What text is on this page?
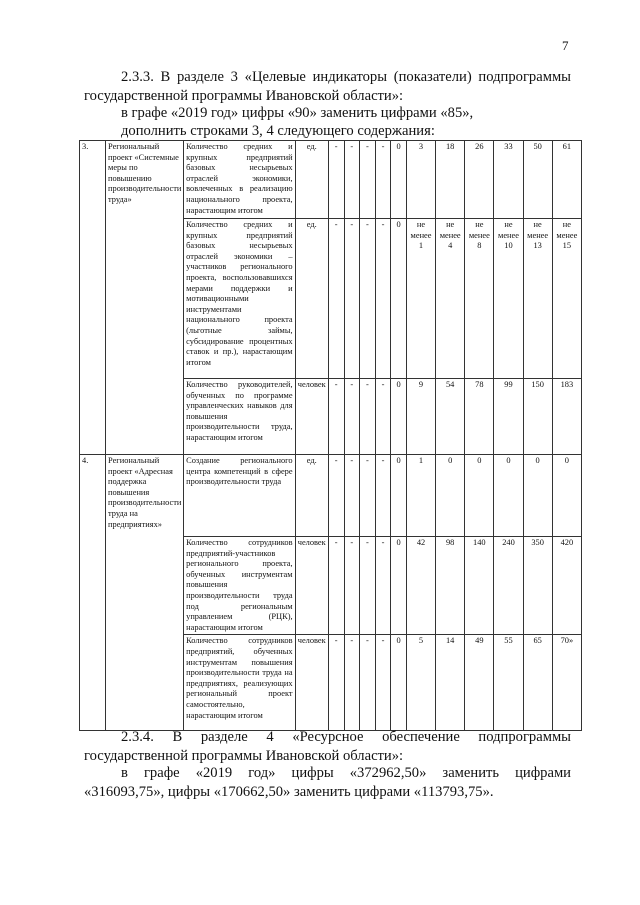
7
2.3.3. В разделе 3 «Целевые индикаторы (показатели) подпрограммы
государственной программы Ивановской области»:
в графе «2019 год» цифры «90» заменить цифрами «85»,
дополнить строками 3, 4 следующего содержания:
3.	Региональный проект «Системные меры по повышению производительности труда»	Количество средних и крупных предприятий базовых несырьевых отраслей экономики, вовлеченных в реализацию национального проекта, нарастающим итогом	ед.	-	-	-	-	0	3	18	26	33	50	61
		Количество средних и крупных предприятий базовых несырьевых отраслей экономики – участников регионального проекта, воспользовавшихся мерами поддержки и мотивационными инструментами национального проекта (льготные займы, субсидирование процентных ставок и пр.), нарастающим итогом	ед.	-	-	-	-	0	не менее 1	не менее 4	не менее 8	не менее 10	не менее 13	не менее 15
		Количество руководителей, обученных по программе управленческих навыков для повышения производительности труда, нарастающим итогом	человек	-	-	-	-	0	9	54	78	99	150	183
4.	Региональный проект «Адресная поддержка повышения производительности труда на предприятиях»	Создание регионального центра компетенций в сфере производительности труда	ед.	-	-	-	-	0	1	0	0	0	0	0
		Количество сотрудников предприятий-участников регионального проекта, обученных инструментам повышения производительности труда под региональным управлением (РЦК), нарастающим итогом	человек	-	-	-	-	0	42	98	140	240	350	420
		Количество сотрудников предприятий, обученных инструментам повышения производительности труда на предприятиях, реализующих региональный проект самостоятельно, нарастающим итогом	человек	-	-	-	-	0	5	14	49	55	65	70»
2.3.4. В разделе 4 «Ресурсное обеспечение подпрограммы
государственной программы Ивановской области»:
в графе «2019 год» цифры «372962,50» заменить цифрами
«316093,75», цифры «170662,50» заменить цифрами «113793,75».
